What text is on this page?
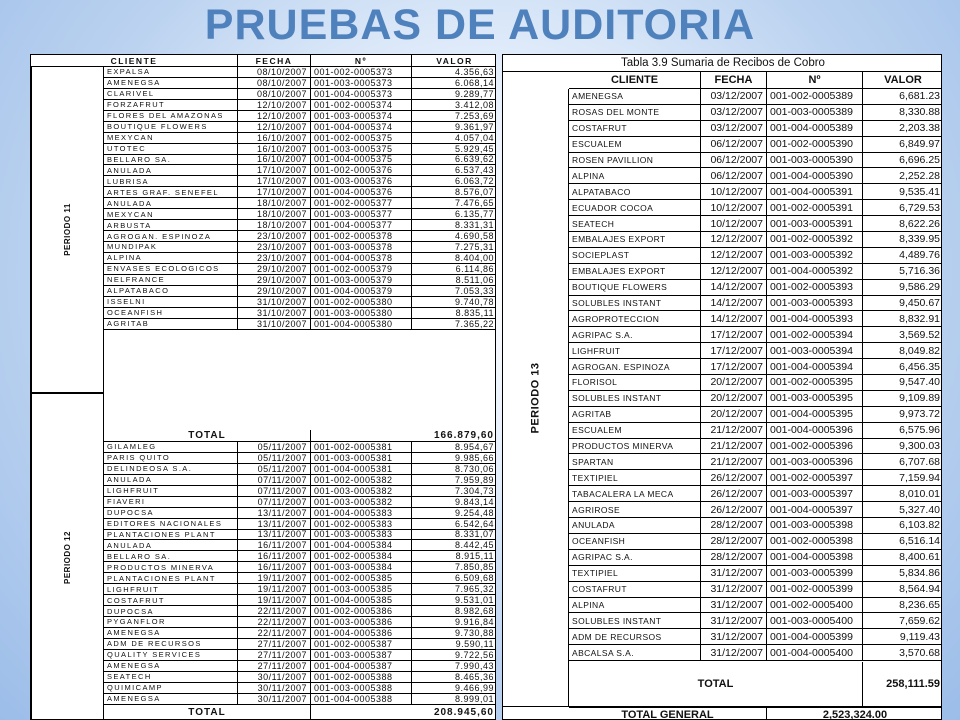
PRUEBAS DE AUDITORIA
CLIENTE	FECHA	Nº	VALOR
PERIODO 11
EXPALSA	08/10/2007 001-002-0005373	4.356,63
AMENEGSA	08/10/2007 001-003-0005373	6.068,14
CLARIVEL	08/10/2007 001-004-0005373	9.289,77
FORZAFRUT	12/10/2007 001-002-0005374	3.412,08
FLORES DEL AMAZONAS	12/10/2007 001-003-0005374	7.253,69
BOUTIQUE FLOWERS	12/10/2007 001-004-0005374	9.361,97
MEXYCAN	16/10/2007 001-002-0005375	4.057,04
UTOTEC	16/10/2007 001-003-0005375	5.929,45
BELLARO SA.	16/10/2007 001-004-0005375	6.639,62
ANULADA	17/10/2007 001-002-0005376	6.537,43
LUBRISA	17/10/2007 001-003-0005376	6.063,72
ARTES GRAF. SENEFEL	17/10/2007 001-004-0005376	8.576,07
ANULADA	18/10/2007 001-002-0005377	7.476,65
MEXYCAN	18/10/2007 001-003-0005377	6.135,77
ARBUSTA	18/10/2007 001-004-0005377	8.331,31
AGROGAN. ESPINOZA	23/10/2007 001-002-0005378	4.690,58
MUNDIPAK	23/10/2007 001-003-0005378	7.275,31
ALPINA	23/10/2007 001-004-0005378	8.404,00
ENVASES ECOLOGICOS	29/10/2007 001-002-0005379	6.114,86
NELFRANCE	29/10/2007 001-003-0005379	8.511,06
ALPATABACO	29/10/2007 001-004-0005379	7.053,33
ISSELNI	31/10/2007 001-002-0005380	9.740,78
OCEANFISH	31/10/2007 001-003-0005380	8.835,11
AGRITAB	31/10/2007 001-004-0005380	7.365,22
TOTAL	166.879,60
PERIODO 12
GILAMLEG	05/11/2007 001-002-0005381	8.954,67
PARIS QUITO	05/11/2007 001-003-0005381	9.985,66
DELINDEOSA S.A.	05/11/2007 001-004-0005381	8.730,06
ANULADA	07/11/2007 001-002-0005382	7.959,89
LIGHFRUIT	07/11/2007 001-003-0005382	7.304,73
FIAVERI	07/11/2007 001-003-0005382	9.843,14
DUPOCSA	13/11/2007 001-004-0005383	9.254,48
EDITORES NACIONALES	13/11/2007 001-002-0005383	6.542,64
PLANTACIONES PLANT	13/11/2007 001-003-0005383	8.331,07
ANULADA	16/11/2007 001-004-0005384	8.442,45
BELLARO SA.	16/11/2007 001-002-0005384	8.915,11
PRODUCTOS MINERVA	16/11/2007 001-003-0005384	7.850,85
PLANTACIONES PLANT	19/11/2007 001-002-0005385	6.509,68
LIGHFRUIT	19/11/2007 001-003-0005385	7.965,32
COSTAFRUT	19/11/2007 001-004-0005385	9.531,01
DUPOCSA	22/11/2007 001-002-0005386	8.982,68
PYGANFLOR	22/11/2007 001-003-0005386	9.916,84
AMENEGSA	22/11/2007 001-004-0005386	9.730,88
ADM DE RECURSOS	27/11/2007 001-002-0005387	9.590,11
QUALITY SERVICES	27/11/2007 001-003-0005387	9.722,56
AMENEGSA	27/11/2007 001-004-0005387	7.990,43
SEATECH	30/11/2007 001-002-0005388	8.465,36
QUIMICAMP	30/11/2007 001-003-0005388	9.466,99
AMENEGSA	30/11/2007 001-004-0005388	8.999,01
TOTAL	208.945,60
Tabla 3.9 Sumaria de Recibos de Cobro
CLIENTE	FECHA	Nº	VALOR
PERIODO 13
AMENEGSA	03/12/2007 001-002-0005389	6,681.23
ROSAS DEL MONTE	03/12/2007 001-003-0005389	8,330.88
COSTAFRUT	03/12/2007 001-004-0005389	2,203.38
ESCUALEM	06/12/2007 001-002-0005390	6,849.97
ROSEN PAVILLION	06/12/2007 001-003-0005390	6,696.25
ALPINA	06/12/2007 001-004-0005390	2,252.28
ALPATABACO	10/12/2007 001-004-0005391	9,535.41
ECUADOR COCOA	10/12/2007 001-002-0005391	6,729.53
SEATECH	10/12/2007 001-003-0005391	8,622.26
EMBALAJES EXPORT	12/12/2007 001-002-0005392	8,339.95
SOCIEPLAST	12/12/2007 001-003-0005392	4,489.76
EMBALAJES EXPORT	12/12/2007 001-004-0005392	5,716.36
BOUTIQUE FLOWERS	14/12/2007 001-002-0005393	9,586.29
SOLUBLES INSTANT	14/12/2007 001-003-0005393	9,450.67
AGROPROTECCION	14/12/2007 001-004-0005393	8,832.91
AGRIPAC S.A.	17/12/2007 001-002-0005394	3,569.52
LIGHFRUIT	17/12/2007 001-003-0005394	8,049.82
AGROGAN. ESPINOZA	17/12/2007 001-004-0005394	6,456.35
FLORISOL	20/12/2007 001-002-0005395	9,547.40
SOLUBLES INSTANT	20/12/2007 001-003-0005395	9,109.89
AGRITAB	20/12/2007 001-004-0005395	9,973.72
ESCUALEM	21/12/2007 001-004-0005396	6,575.96
PRODUCTOS MINERVA	21/12/2007 001-002-0005396	9,300.03
SPARTAN	21/12/2007 001-003-0005396	6,707.68
TEXTIPIEL	26/12/2007 001-002-0005397	7,159.94
TABACALERA LA MECA	26/12/2007 001-003-0005397	8,010.01
AGRIROSE	26/12/2007 001-004-0005397	5,327.40
ANULADA	28/12/2007 001-003-0005398	6,103.82
OCEANFISH	28/12/2007 001-002-0005398	6,516.14
AGRIPAC S.A.	28/12/2007 001-004-0005398	8,400.61
TEXTIPIEL	31/12/2007 001-003-0005399	5,834.86
COSTAFRUT	31/12/2007 001-002-0005399	8,564.94
ALPINA	31/12/2007 001-002-0005400	8,236.65
SOLUBLES INSTANT	31/12/2007 001-003-0005400	7,659.62
ADM DE RECURSOS	31/12/2007 001-004-0005399	9,119.43
ABCALSA S.A.	31/12/2007 001-004-0005400	3,570.68
TOTAL	258,111.59
TOTAL GENERAL	2,523,324.00
